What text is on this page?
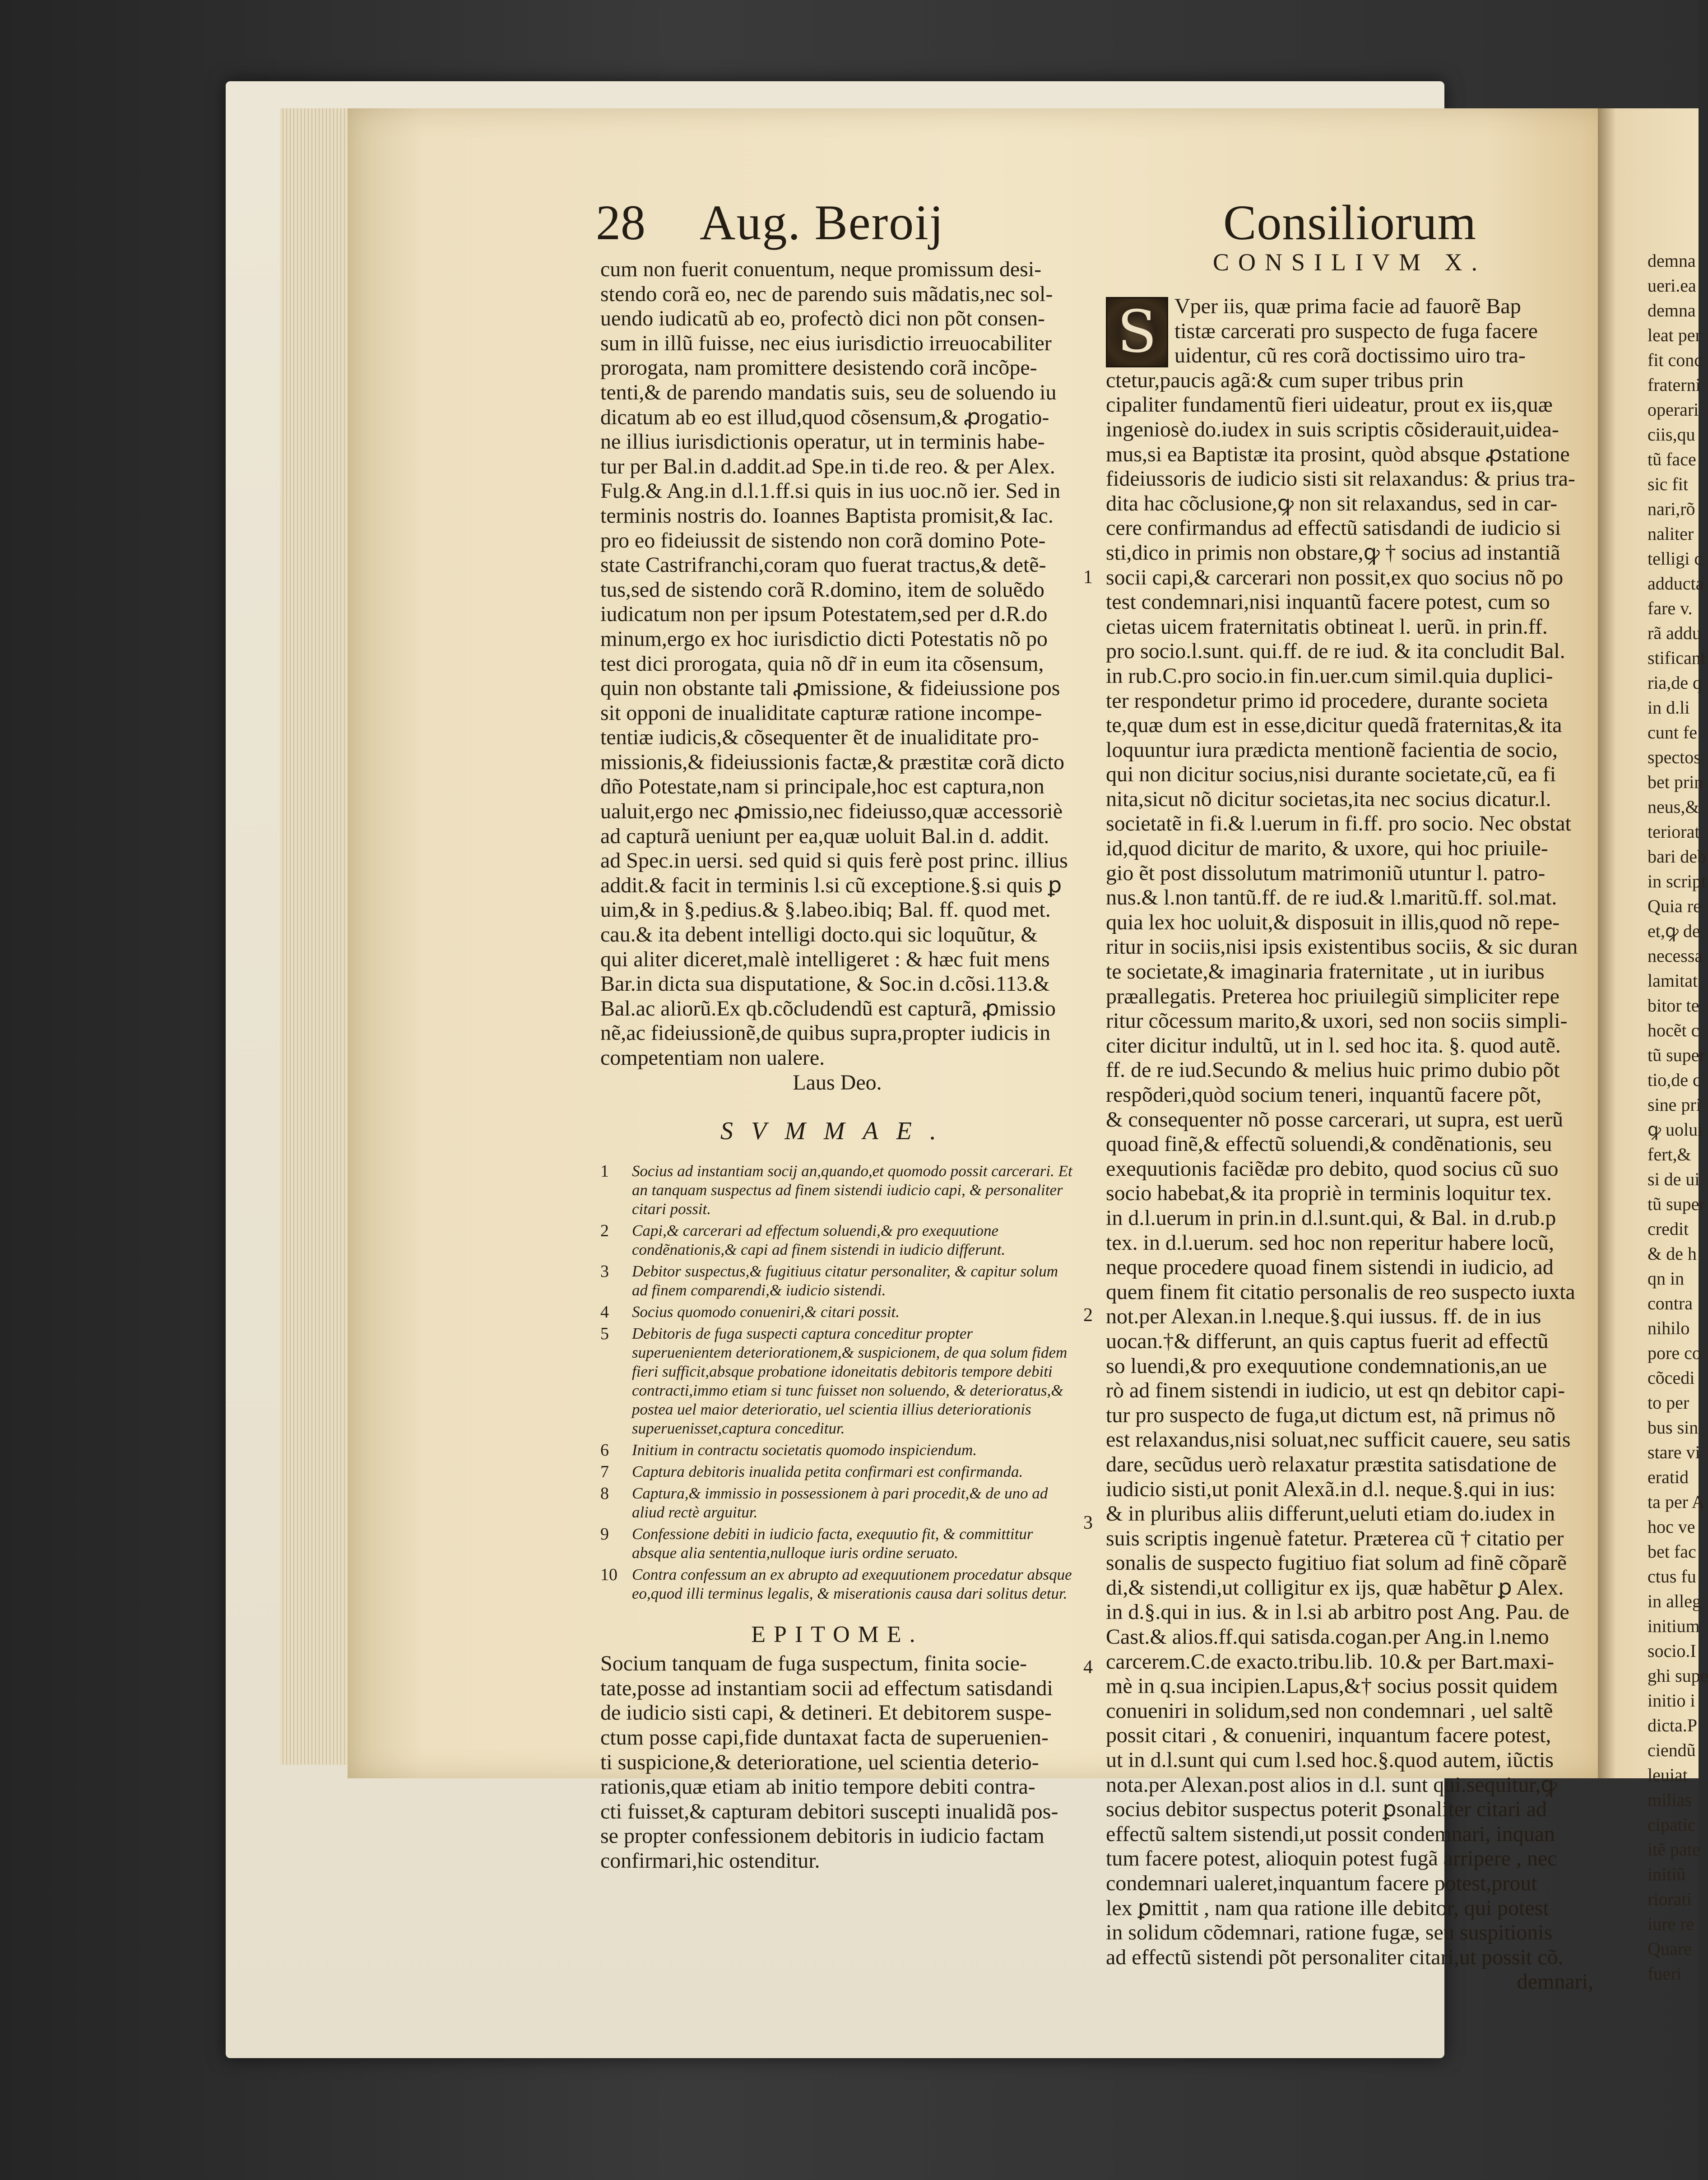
demna
ueri.ea
demna
leat per
fit conc
fraterni
operari
ciis,qu
tũ face
sic fit
nari,rõ
naliter
telligi c
adducta
fare v.
rã addu
stificant
ria,de q
in d.li
cunt fe
spectos
bet prin
neus,&
teriorat
bari deb
in script
Quia re
et,ꝙ de
necessa
lamitat
bitor te
hocẽt c
tũ super
tio,de c
sine pri
ꝙ uolui
fert,&
si de ui
tũ super
credit
& de h
qn in
contra
nihilo
pore co
cõcedi
to per
bus sin
stare vi
eratid
ta per A
hoc ve
bet fac
ctus fu
in alleg
initium
socio.I
ghi supe
initio i
dicta.P
ciendũ
leuiat
milias
cipatic
itẽ pate
initiũ
riorati
iure re
Quare
fueri
28 Aug. Beroij	Consiliorum
cum non fuerit conuentum, neque promissum desi-
stendo corã eo, nec de parendo suis mãdatis,nec sol-
uendo iudicatũ ab eo, profectò dici non põt consen-
sum in illũ fuisse, nec eius iurisdictio irreuocabiliter
prorogata, nam promittere desistendo corã incõpe-
tenti,& de parendo mandatis suis, seu de soluendo iu
dicatum ab eo est illud,quod cõsensum,& ꝓrogatio-
ne illius iurisdictionis operatur, ut in terminis habe-
tur per Bal.in d.addit.ad Spe.in ti.de reo. & per Alex.
Fulg.& Ang.in d.l.1.ff.si quis in ius uoc.nõ ier. Sed in
terminis nostris do. Ioannes Baptista promisit,& Iac.
pro eo fideiussit de sistendo non corã domino Pote-
state Castrifranchi,coram quo fuerat tractus,& detẽ-
tus,sed de sistendo corã R.domino, item de soluẽdo
iudicatum non per ipsum Potestatem,sed per d.R.do
minum,ergo ex hoc iurisdictio dicti Potestatis nõ po
test dici prorogata, quia nõ dr̃ in eum ita cõsensum,
quin non obstante tali ꝓmissione, & fideiussione pos
sit opponi de inualiditate capturæ ratione incompe-
tentiæ iudicis,& cõsequenter ẽt de inualiditate pro-
missionis,& fideiussionis factæ,& præstitæ corã dicto
dño Potestate,nam si principale,hoc est captura,non
ualuit,ergo nec ꝓmissio,nec fideiusso,quæ accessoriè
ad capturã ueniunt per ea,quæ uoluit Bal.in d. addit.
ad Spec.in uersi. sed quid si quis ferè post princ. illius
addit.& facit in terminis l.si cũ exceptione.§.si quis ꝑ
uim,& in §.pedius.& §.labeo.ibiq; Bal. ff. quod met.
cau.& ita debent intelligi docto.qui sic loquũtur, &
qui aliter diceret,malè intelligeret : & hæc fuit mens
Bar.in dicta sua disputatione, & Soc.in d.cõsi.113.&
Bal.ac aliorũ.Ex qb.cõcludendũ est capturã, ꝓmissio
nẽ,ac fideiussionẽ,de quibus supra,propter iudicis in
competentiam non ualere.
Laus Deo.
SVMMAE.
1 Socius ad instantiam socij an,quando,et quomodo possit carcerari. Et an tanquam suspectus ad finem sistendi iudicio capi, & personaliter citari possit.
2 Capi,& carcerari ad effectum soluendi,& pro exequutione condẽnationis,& capi ad finem sistendi in iudicio differunt.
3 Debitor suspectus,& fugitiuus citatur personaliter, & capitur solum ad finem comparendi,& iudicio sistendi.
4 Socius quomodo conueniri,& citari possit.
5 Debitoris de fuga suspecti captura conceditur propter superuenientem deteriorationem,& suspicionem, de qua solum fidem fieri sufficit,absque probatione idoneitatis debitoris tempore debiti contracti,immo etiam si tunc fuisset non soluendo, & deterioratus,& postea uel maior deterioratio, uel scientia illius deteriorationis superuenisset,captura conceditur.
6 Initium in contractu societatis quomodo inspiciendum.
7 Captura debitoris inualida petita confirmari est confirmanda.
8 Captura,& immissio in possessionem à pari procedit,& de uno ad aliud rectè arguitur.
9 Confessione debiti in iudicio facta, exequutio fit, & committitur absque alia sententia,nulloque iuris ordine seruato.
10 Contra confessum an ex abrupto ad exequutionem procedatur absque eo,quod illi terminus legalis, & miserationis causa dari solitus detur.
EPITOME.
Socium tanquam de fuga suspectum, finita socie-
tate,posse ad instantiam socii ad effectum satisdandi
de iudicio sisti capi, & detineri. Et debitorem suspe-
ctum posse capi,fide duntaxat facta de superuenien-
ti suspicione,& deterioratione, uel scientia deterio-
rationis,quæ etiam ab initio tempore debiti contra-
cti fuisset,& capturam debitori suscepti inualidã pos-
se propter confessionem debitoris in iudicio factam
confirmari,hic ostenditur.
CONSILIVM X.
S Vper iis, quæ prima facie ad fauorẽ Bap
tistæ carcerati pro suspecto de fuga facere
uidentur, cũ res corã doctissimo uiro tra-
ctetur,paucis agã:& cum super tribus prin
cipaliter fundamentũ fieri uideatur, prout ex iis,quæ
ingeniosè do.iudex in suis scriptis cõsiderauit,uidea-
mus,si ea Baptistæ ita prosint, quòd absque ꝓstatione
fideiussoris de iudicio sisti sit relaxandus: & prius tra-
dita hac cõclusione,ꝙ non sit relaxandus, sed in car-
cere confirmandus ad effectũ satisdandi de iudicio si
sti,dico in primis non obstare,ꝙ † socius ad instantiã
socii capi,& carcerari non possit,ex quo socius nõ po
test condemnari,nisi inquantũ facere potest, cum so
cietas uicem fraternitatis obtineat l. uerũ. in prin.ff.
pro socio.l.sunt. qui.ff. de re iud. & ita concludit Bal.
in rub.C.pro socio.in fin.uer.cum simil.quia duplici-
ter respondetur primo id procedere, durante societa
te,quæ dum est in esse,dicitur quedã fraternitas,& ita
loquuntur iura prædicta mentionẽ facientia de socio,
qui non dicitur socius,nisi durante societate,cũ, ea fi
nita,sicut nõ dicitur societas,ita nec socius dicatur.l.
societatẽ in fi.& l.uerum in fi.ff. pro socio. Nec obstat
id,quod dicitur de marito, & uxore, qui hoc priuile-
gio ẽt post dissolutum matrimoniũ utuntur l. patro-
nus.& l.non tantũ.ff. de re iud.& l.maritũ.ff. sol.mat.
quia lex hoc uoluit,& disposuit in illis,quod nõ repe-
ritur in sociis,nisi ipsis existentibus sociis, & sic duran
te societate,& imaginaria fraternitate , ut in iuribus
præallegatis. Preterea hoc priuilegiũ simpliciter repe
ritur cõcessum marito,& uxori, sed non sociis simpli-
citer dicitur indultũ, ut in l. sed hoc ita. §. quod autẽ.
ff. de re iud.Secundo & melius huic primo dubio põt
respõderi,quòd socium teneri, inquantũ facere põt,
& consequenter nõ posse carcerari, ut supra, est uerũ
quoad finẽ,& effectũ soluendi,& condẽnationis, seu
exequutionis faciẽdæ pro debito, quod socius cũ suo
socio habebat,& ita propriè in terminis loquitur tex.
in d.l.uerum in prin.in d.l.sunt.qui, & Bal. in d.rub.p
tex. in d.l.uerum. sed hoc non reperitur habere locũ,
neque procedere quoad finem sistendi in iudicio, ad
quem finem fit citatio personalis de reo suspecto iuxta
not.per Alexan.in l.neque.§.qui iussus. ff. de in ius
uocan.†& differunt, an quis captus fuerit ad effectũ
so luendi,& pro exequutione condemnationis,an ue
rò ad finem sistendi in iudicio, ut est qn debitor capi-
tur pro suspecto de fuga,ut dictum est, nã primus nõ
est relaxandus,nisi soluat,nec sufficit cauere, seu satis
dare, secũdus uerò relaxatur præstita satisdatione de
iudicio sisti,ut ponit Alexã.in d.l. neque.§.qui in ius:
& in pluribus aliis differunt,ueluti etiam do.iudex in
suis scriptis ingenuè fatetur. Præterea cũ † citatio per
sonalis de suspecto fugitiuo fiat solum ad finẽ cõparẽ
di,& sistendi,ut colligitur ex ijs, quæ habẽtur ꝑ Alex.
in d.§.qui in ius. & in l.si ab arbitro post Ang. Pau. de
Cast.& alios.ff.qui satisda.cogan.per Ang.in l.nemo
carcerem.C.de exacto.tribu.lib. 10.& per Bart.maxi-
mè in q.sua incipien.Lapus,&† socius possit quidem
conueniri in solidum,sed non condemnari , uel saltẽ
possit citari , & conueniri, inquantum facere potest,
ut in d.l.sunt qui cum l.sed hoc.§.quod autem, iũctis
nota.per Alexan.post alios in d.l. sunt qui.sequitur,ꝙ
socius debitor suspectus poterit ꝑsonaliter citari ad
effectũ saltem sistendi,ut possit condemnari, inquan
tum facere potest, alioquin potest fugã arripere , nec
condemnari ualeret,inquantum facere potest,prout
lex ꝑmittit , nam qua ratione ille debitor, qui potest
in solidum cõdemnari, ratione fugæ, seu suspitionis
ad effectũ sistendi põt personaliter citari,ut possit cõ.
demnari,
1
2
3
4
